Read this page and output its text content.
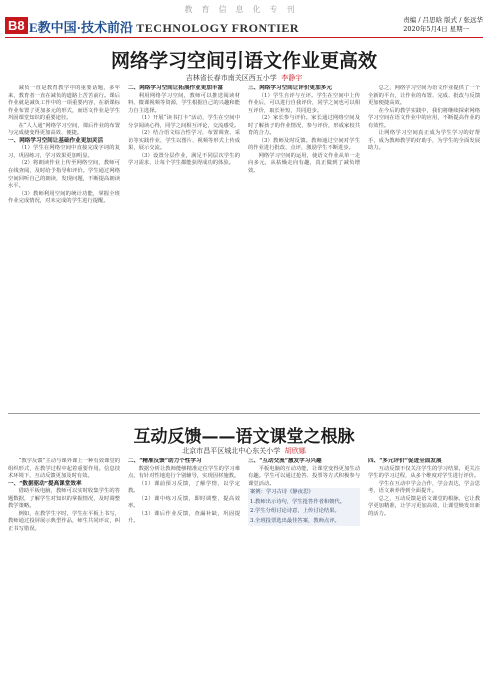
教育信息化专刊
B8 E教中国·技术前沿 TECHNOLOGY FRONTIER
责编 / 吕思晗 版式 / 张远华
2020年5月4日 星期一
网络学习空间引语文作业更高效
吉林省长春市南关区西五小学 李静宇

减负一直是教育教学中的重要话题，多年来，教育者一直在减负的道路上苦苦前行。课后作业就是减负工作中的一项重要内容，在新课标作业布置了更加多元的形式，而语文作业是学生巩固课堂知识的重要途径。

在“人人通”网络学习空间，课后作业的布置与完成使变得更加高效、便捷。

一、网络学习空间让基础作业更加灵活

（1）学生在网络空间中直接完成字词的复习、巩固练习，学习效果更加明显。

（2）将朗读作业上传至网络空间，教师可在线查阅，及时给予指导和评价。学生通过网络空间回听自己的朗读，发现问题，不断提高朗读水平。

（3）教师利用空间的统计功能，掌握全班作业完成情况，对未完成的学生进行提醒。

二、网络学习空间让拓展作业更加丰富

利用网络学习空间，教师可以推送阅读材料、微课视频等资源，学生根据自己的兴趣和能力自主选择。

（1）开展“读书打卡”活动，学生在空间中分享阅读心得，同学之间相互评论，交流感受。

（2）结合语文综合性学习，布置调查、采访等实践作业，学生以图片、视频等形式上传成果，展示交流。

（3）设置分层作业，满足不同层次学生的学习需求，让每个学生都能获得成功的体验。

三、网络学习空间让评价更加多元

（1）学生自评与互评。学生在空间中上传作业后，可以进行自我评价，同学之间也可以相互评价，取长补短，共同进步。

（2）家长参与评价。家长通过网络空间及时了解孩子的作业情况，参与评价，形成家校共育的合力。

（3）教师及时反馈。教师通过空间对学生的作业进行批改、点评，激励学生不断进步。

网络学习空间的运用，使语文作业从单一走向多元，从枯燥走向有趣，真正做到了减负增效。

总之，网络学习空间为语文作业提供了一个全新的平台，让作业的布置、完成、批改与反馈更加便捷高效。

在今后的教学实践中，我们将继续探索网络学习空间在语文作业中的应用，不断提高作业的有效性。

让网络学习空间真正成为学生学习的好帮手，成为教师教学的好助手，为学生的全面发展助力。

互动反馈——语文课堂之根脉
北京市昌平区城北中心东关小学 胡欣娜

“教学反馈”主动与课外课上一种有效课堂的组织形式，在教学过程中起着重要作用。信息技术环境下，互动反馈更加及时有效。

一、“数据驱动”提高课堂效率

借助平板电脑，教师可以实时收集学生的答题数据，了解学生对知识的掌握情况，及时调整教学策略。

例如，在教学生字时，学生在平板上书写，教师通过投屏展示典型作品，师生共同评议，纠正书写错误。

二、“精准反馈”助力个性学习

数据分析让教师能够精准定位学生的学习难点，有针对性地进行个别辅导，实现因材施教。

（1）课前预习反馈，了解学情，以学定教。

（2）课中练习反馈，即时调整，提高效率。

（3）课后作业反馈，查漏补缺，巩固提升。

三、“互动交流”激发学习兴趣

平板电脑的互动功能，让课堂变得更加生动有趣。学生可以通过抢答、投票等方式积极参与课堂活动。

案例：学习古诗《静夜思》

1.教师出示诗句，学生抢答作者和朝代。

2.学生分组讨论诗意，上传讨论结果。

3.全班投票选出最佳答案，教师点评。

四、“多元评价”促进全面发展

互动反馈不仅关注学生的学习结果，更关注学生的学习过程，从多个维度对学生进行评价。

学生在互动中学会合作，学会表达，学会思考，语文素养得到全面提升。

总之，互动反馈是语文课堂的根脉，它让教学更加精准，让学习更加高效，让课堂焕发出新的活力。
